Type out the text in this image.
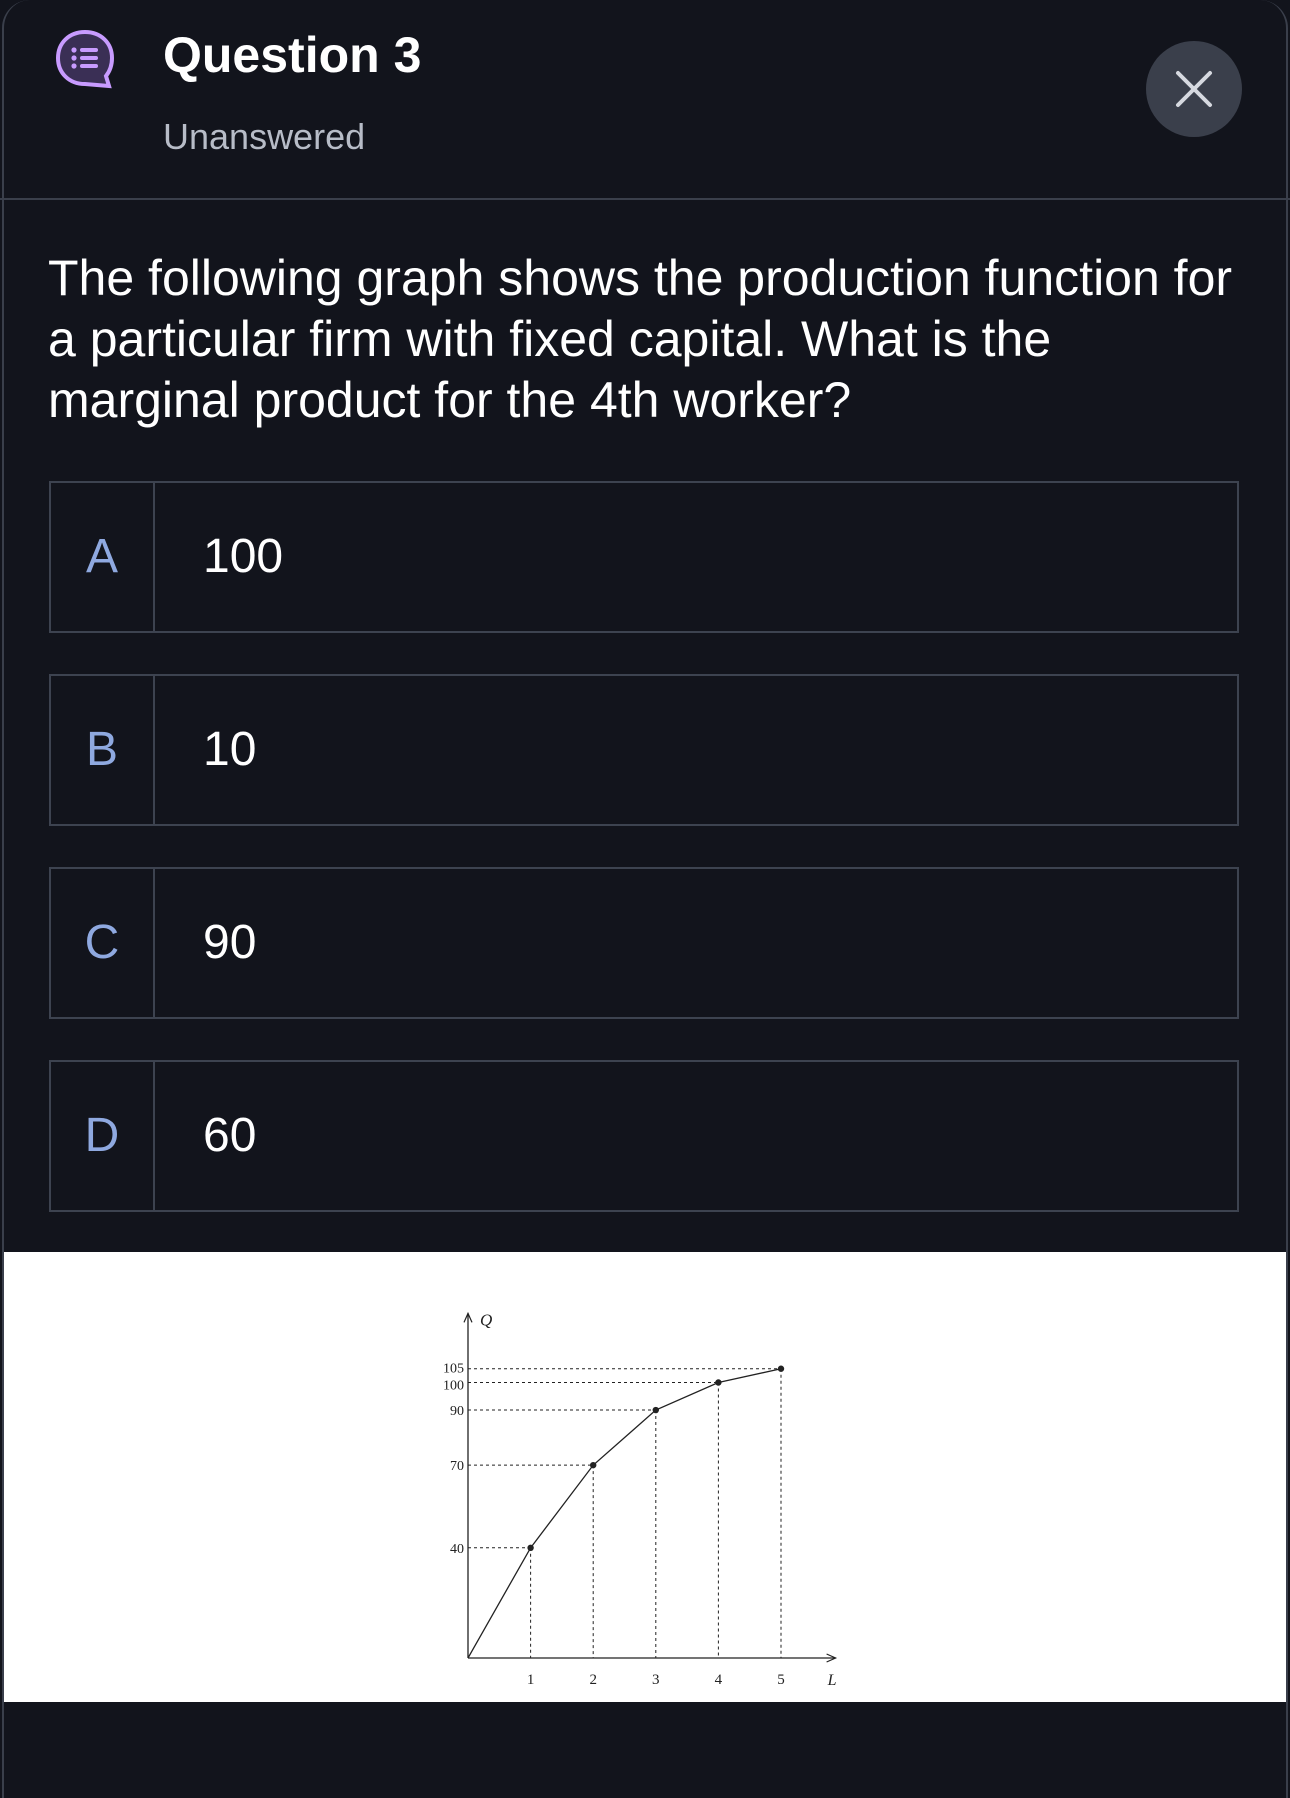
Question 3
Unanswered
The following graph shows the production function for a particular firm with fixed capital. What is the marginal product for the 4th worker?
A	100
B	10
C	90
D	60
Q
L
1	2	3	4	5
40
70
90
100
105
